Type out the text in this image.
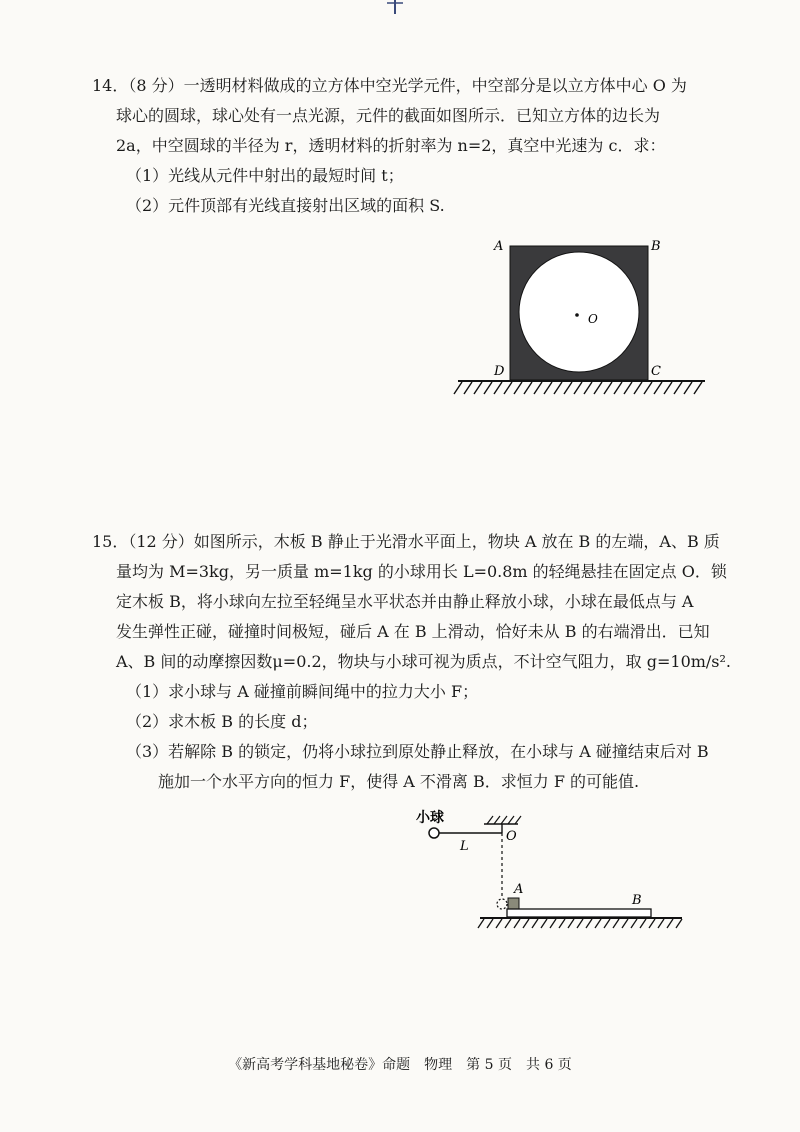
14．（8 分）一透明材料做成的立方体中空光学元件，中空部分是以立方体中心 O 为
球心的圆球，球心处有一点光源，元件的截面如图所示．已知立方体的边长为
2a，中空圆球的半径为 r，透明材料的折射率为 n=2，真空中光速为 c．求：
（1）光线从元件中射出的最短时间 t；
（2）元件顶部有光线直接射出区域的面积 S.
A	B
D	C
O
15．（12 分）如图所示，木板 B 静止于光滑水平面上，物块 A 放在 B 的左端，A、B 质
量均为 M=3kg，另一质量 m=1kg 的小球用长 L=0.8m 的轻绳悬挂在固定点 O．锁
定木板 B，将小球向左拉至轻绳呈水平状态并由静止释放小球，小球在最低点与 A
发生弹性正碰，碰撞时间极短，碰后 A 在 B 上滑动，恰好未从 B 的右端滑出．已知
A、B 间的动摩擦因数μ=0.2，物块与小球可视为质点，不计空气阻力，取 g=10m/s².
（1）求小球与 A 碰撞前瞬间绳中的拉力大小 F；
（2）求木板 B 的长度 d；
（3）若解除 B 的锁定，仍将小球拉到原处静止释放，在小球与 A 碰撞结束后对 B
施加一个水平方向的恒力 F，使得 A 不滑离 B．求恒力 F 的可能值.
小球
O
L
A
B
《新高考学科基地秘卷》命题　物理　第 5 页　共 6 页
